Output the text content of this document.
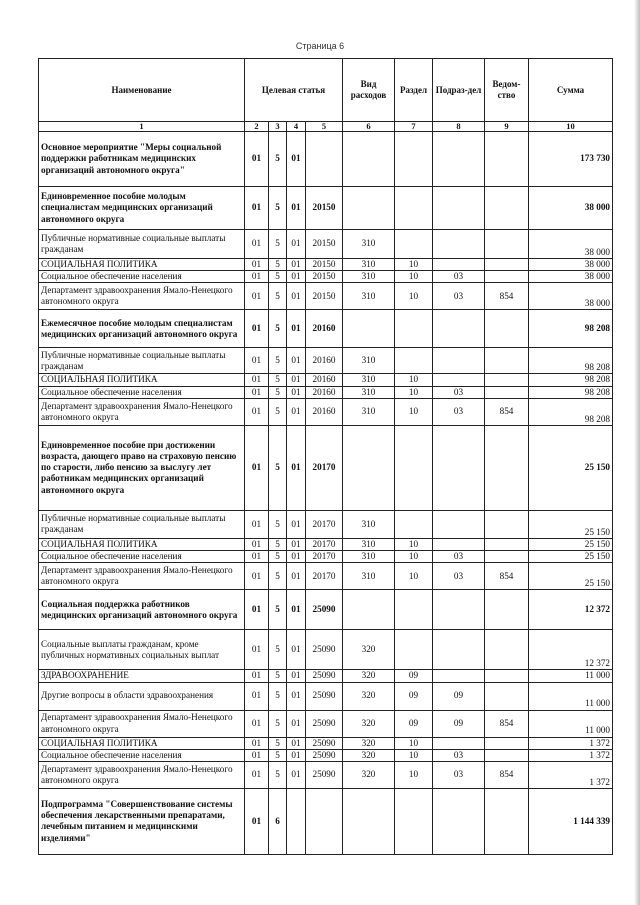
Страница 6
Наименование	Целевая статья				Вид расходов	Раздел	Подраз-дел	Ведом-ство	Сумма
1	2	3	4	5	6	7	8	9	10
Основное мероприятие "Меры социальной поддержки работникам медицинских организаций автономного округа"	01	5	01						173 730
Единовременное пособие молодым специалистам медицинских организаций автономного округа	01	5	01	20150					38 000
Публичные нормативные социальные выплаты гражданам	01	5	01	20150	310				38 000
СОЦИАЛЬНАЯ ПОЛИТИКА	01	5	01	20150	310	10			38 000
Социальное обеспечение населения	01	5	01	20150	310	10	03		38 000
Департамент здравоохранения Ямало-Ненецкого автономного округа	01	5	01	20150	310	10	03	854	38 000
Ежемесячное пособие молодым специалистам медицинских организаций автономного округа	01	5	01	20160					98 208
Публичные нормативные социальные выплаты гражданам	01	5	01	20160	310				98 208
СОЦИАЛЬНАЯ ПОЛИТИКА	01	5	01	20160	310	10			98 208
Социальное обеспечение населения	01	5	01	20160	310	10	03		98 208
Департамент здравоохранения Ямало-Ненецкого автономного округа	01	5	01	20160	310	10	03	854	98 208
Единовременное пособие при достижении возраста, дающего право на страховую пенсию по старости, либо пенсию за выслугу лет работникам медицинских организаций автономного округа	01	5	01	20170					25 150
Публичные нормативные социальные выплаты гражданам	01	5	01	20170	310				25 150
СОЦИАЛЬНАЯ ПОЛИТИКА	01	5	01	20170	310	10			25 150
Социальное обеспечение населения	01	5	01	20170	310	10	03		25 150
Департамент здравоохранения Ямало-Ненецкого автономного округа	01	5	01	20170	310	10	03	854	25 150
Социальная поддержка работников медицинских организаций автономного округа	01	5	01	25090					12 372
Социальные выплаты гражданам, кроме публичных нормативных социальных выплат	01	5	01	25090	320				12 372
ЗДРАВООХРАНЕНИЕ	01	5	01	25090	320	09			11 000
Другие вопросы в области здравоохранения	01	5	01	25090	320	09	09		11 000
Департамент здравоохранения Ямало-Ненецкого автономного округа	01	5	01	25090	320	09	09	854	11 000
СОЦИАЛЬНАЯ ПОЛИТИКА	01	5	01	25090	320	10			1 372
Социальное обеспечение населения	01	5	01	25090	320	10	03		1 372
Департамент здравоохранения Ямало-Ненецкого автономного округа	01	5	01	25090	320	10	03	854	1 372
Подпрограмма "Совершенствование системы обеспечения лекарственными препаратами, лечебным питанием и медицинскими изделиями"	01	6							1 144 339
